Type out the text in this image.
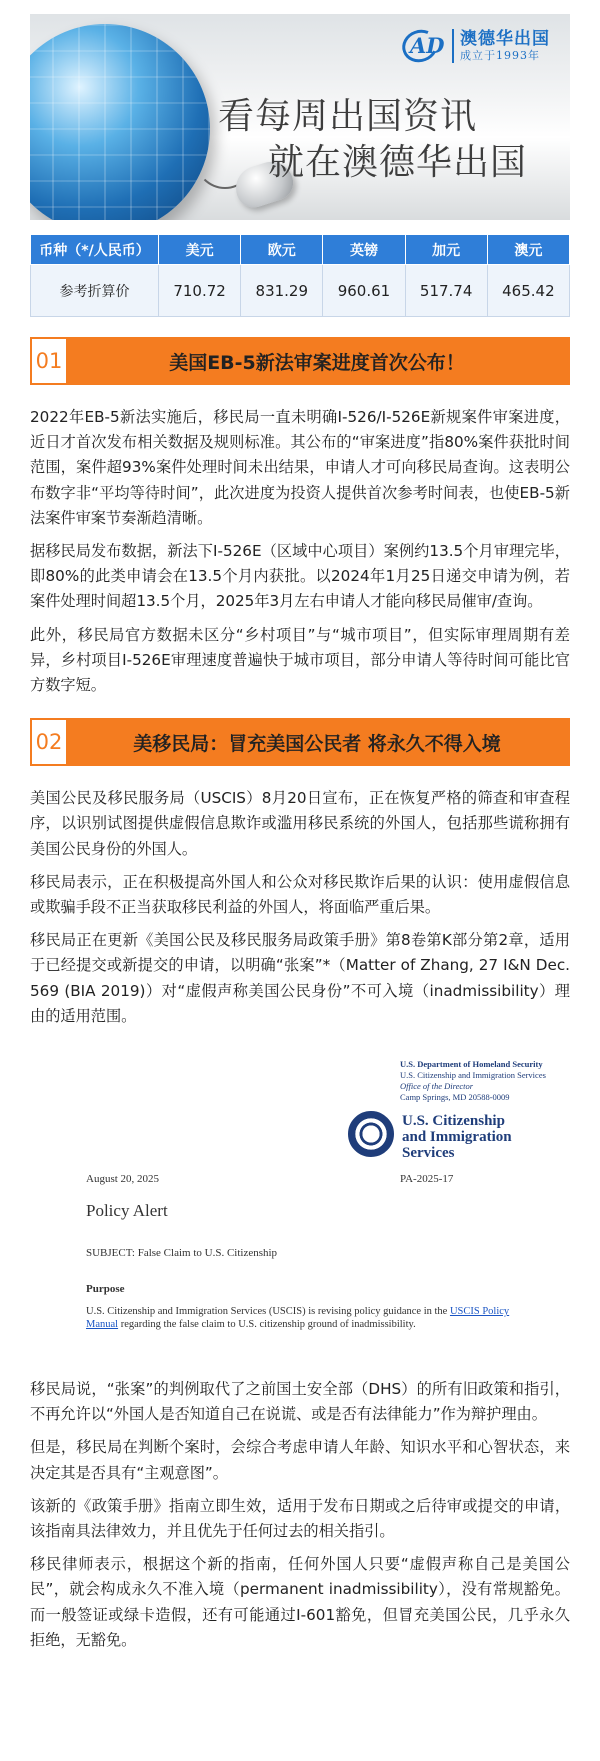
AD 澳德华出国
成立于1993年
看每周出国资讯
就在澳德华出国
币种（*/人民币）	美元	欧元	英镑	加元	澳元
参考折算价	710.72	831.29	960.61	517.74	465.42
01	美国EB-5新法审案进度首次公布！

2022年EB-5新法实施后，移民局一直未明确I-526/I-526E新规案件审案进度，近日才首次发布相关数据及规则标准。其公布的“审案进度”指80%案件获批时间范围，案件超93%案件处理时间未出结果，申请人才可向移民局查询。这表明公布数字非“平均等待时间”，此次进度为投资人提供首次参考时间表，也使EB-5新法案件审案节奏渐趋清晰。

据移民局发布数据，新法下I-526E（区域中心项目）案例约13.5个月审理完毕，即80%的此类申请会在13.5个月内获批。以2024年1月25日递交申请为例，若案件处理时间超13.5个月，2025年3月左右申请人才能向移民局催审/查询。

此外，移民局官方数据未区分“乡村项目”与“城市项目”，但实际审理周期有差异，乡村项目I-526E审理速度普遍快于城市项目，部分申请人等待时间可能比官方数字短。

02	美移民局：冒充美国公民者 将永久不得入境

美国公民及移民服务局（USCIS）8月20日宣布，正在恢复严格的筛查和审查程序，以识别试图提供虚假信息欺诈或滥用移民系统的外国人，包括那些谎称拥有美国公民身份的外国人。

移民局表示，正在积极提高外国人和公众对移民欺诈后果的认识：使用虚假信息或欺骗手段不正当获取移民利益的外国人，将面临严重后果。

移民局正在更新《美国公民及移民服务局政策手册》第8卷第K部分第2章，适用于已经提交或新提交的申请，以明确“张案”*（Matter of Zhang, 27 I&N Dec. 569 (BIA 2019)）对“虚假声称美国公民身份”不可入境（inadmissibility）理由的适用范围。

U.S. Department of Homeland Security
U.S. Citizenship and Immigration Services
Office of the Director
Camp Springs, MD 20588-0009
U.S. Citizenship
and Immigration
Services
August 20, 2025	PA-2025-17
Policy Alert
SUBJECT: False Claim to U.S. Citizenship
Purpose
U.S. Citizenship and Immigration Services (USCIS) is revising policy guidance in the USCIS Policy Manual regarding the false claim to U.S. citizenship ground of inadmissibility.

移民局说，“张案”的判例取代了之前国土安全部（DHS）的所有旧政策和指引，不再允许以“外国人是否知道自己在说谎、或是否有法律能力”作为辩护理由。

但是，移民局在判断个案时，会综合考虑申请人年龄、知识水平和心智状态，来决定其是否具有“主观意图”。

该新的《政策手册》指南立即生效，适用于发布日期或之后待审或提交的申请，该指南具法律效力，并且优先于任何过去的相关指引。

移民律师表示，根据这个新的指南，任何外国人只要“虚假声称自己是美国公民”，就会构成永久不准入境（permanent inadmissibility），没有常规豁免。而一般签证或绿卡造假，还有可能通过I-601豁免，但冒充美国公民，几乎永久拒绝，无豁免。
